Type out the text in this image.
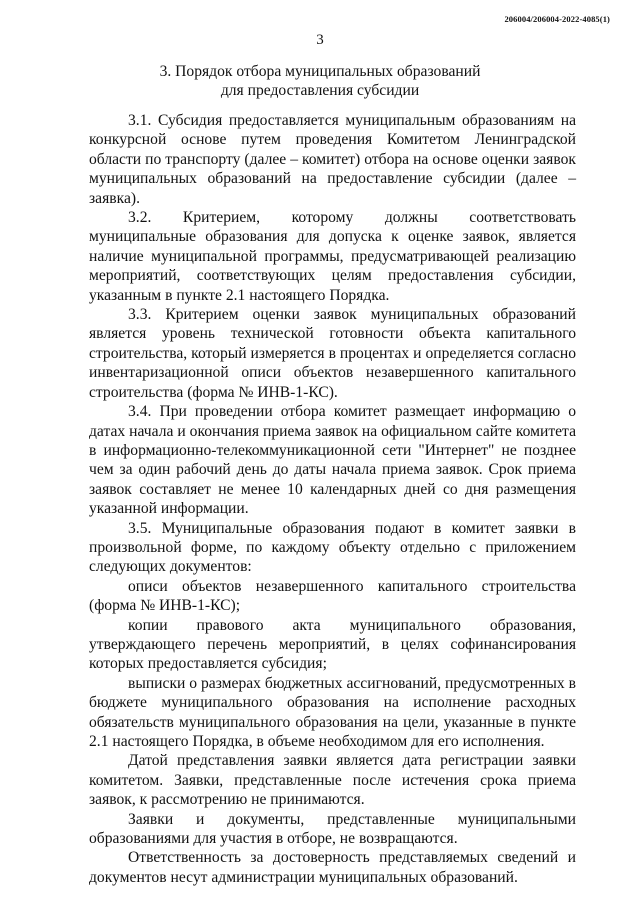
206004/206004-2022-4085(1)
3
3. Порядок отбора муниципальных образований
для предоставления субсидии

3.1. Субсидия предоставляется муниципальным образованиям на конкурсной основе путем проведения Комитетом Ленинградской области по транспорту (далее – комитет) отбора на основе оценки заявок муниципальных образований на предоставление субсидии (далее – заявка).

3.2. Критерием, которому должны соответствовать муниципальные образования для допуска к оценке заявок, является наличие муниципальной программы, предусматривающей реализацию мероприятий, соответствующих целям предоставления субсидии, указанным в пункте 2.1 настоящего Порядка.

3.3. Критерием оценки заявок муниципальных образований является уровень технической готовности объекта капитального строительства, который измеряется в процентах и определяется согласно инвентаризационной описи объектов незавершенного капитального строительства (форма № ИНВ-1-КС).

3.4. При проведении отбора комитет размещает информацию о датах начала и окончания приема заявок на официальном сайте комитета в информационно-телекоммуникационной сети "Интернет" не позднее чем за один рабочий день до даты начала приема заявок. Срок приема заявок составляет не менее 10 календарных дней со дня размещения указанной информации.

3.5. Муниципальные образования подают в комитет заявки в произвольной форме, по каждому объекту отдельно с приложением следующих документов:

описи объектов незавершенного капитального строительства (форма № ИНВ-1-КС);

копии правового акта муниципального образования, утверждающего перечень мероприятий, в целях софинансирования которых предоставляется субсидия;

выписки о размерах бюджетных ассигнований, предусмотренных в бюджете муниципального образования на исполнение расходных обязательств муниципального образования на цели, указанные в пункте 2.1 настоящего Порядка, в объеме необходимом для его исполнения.

Датой представления заявки является дата регистрации заявки комитетом. Заявки, представленные после истечения срока приема заявок, к рассмотрению не принимаются.

Заявки и документы, представленные муниципальными образованиями для участия в отборе, не возвращаются.

Ответственность за достоверность представляемых сведений и документов несут администрации муниципальных образований.
